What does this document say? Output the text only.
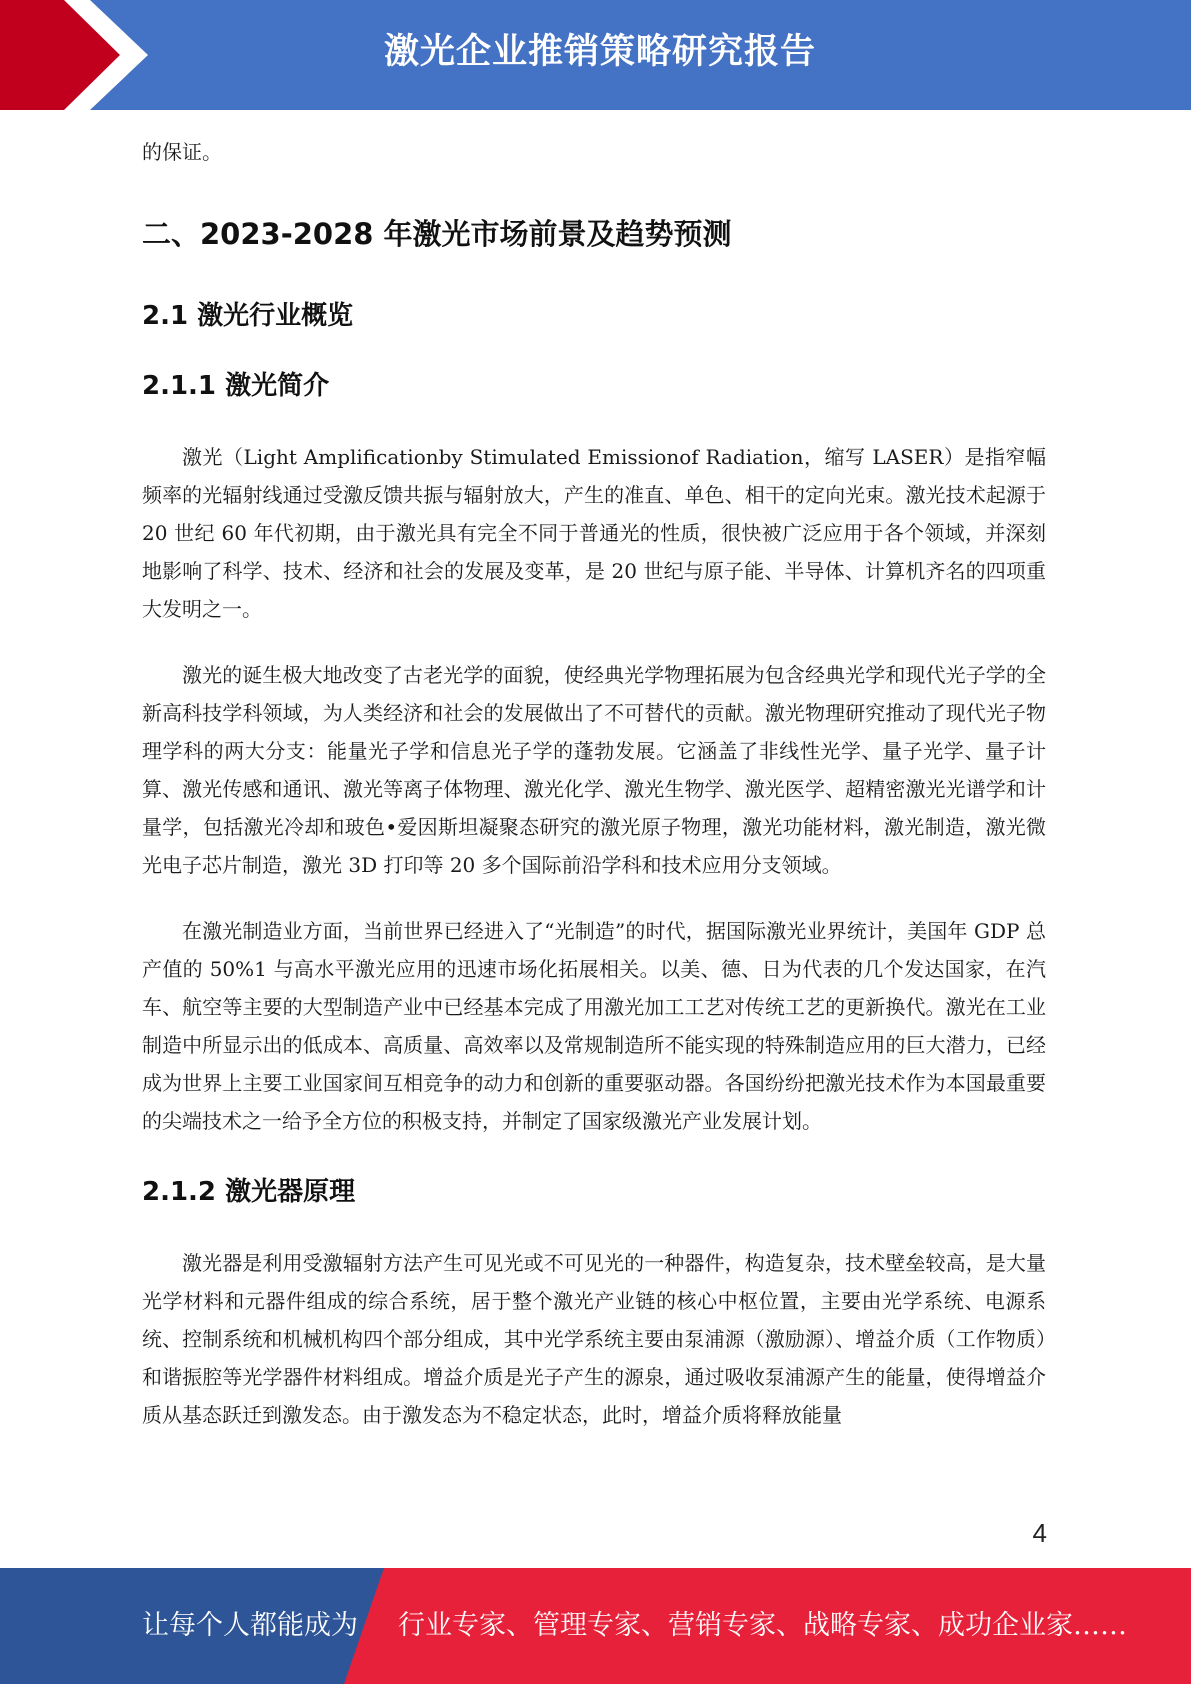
激光企业推销策略研究报告

的保证。

二、2023-2028 年激光市场前景及趋势预测
2.1 激光行业概览
2.1.1 激光简介

激光（Light Amplificationby Stimulated Emissionof Radiation，缩写 LASER）是指窄幅频率的光辐射线通过受激反馈共振与辐射放大，产生的准直、单色、相干的定向光束。激光技术起源于 20 世纪 60 年代初期，由于激光具有完全不同于普通光的性质，很快被广泛应用于各个领域，并深刻地影响了科学、技术、经济和社会的发展及变革，是 20 世纪与原子能、半导体、计算机齐名的四项重大发明之一。

激光的诞生极大地改变了古老光学的面貌，使经典光学物理拓展为包含经典光学和现代光子学的全新高科技学科领域，为人类经济和社会的发展做出了不可替代的贡献。激光物理研究推动了现代光子物理学科的两大分支：能量光子学和信息光子学的蓬勃发展。它涵盖了非线性光学、量子光学、量子计算、激光传感和通讯、激光等离子体物理、激光化学、激光生物学、激光医学、超精密激光光谱学和计量学，包括激光冷却和玻色•爱因斯坦凝聚态研究的激光原子物理，激光功能材料，激光制造，激光微光电子芯片制造，激光 3D 打印等 20 多个国际前沿学科和技术应用分支领域。

在激光制造业方面，当前世界已经进入了“光制造”的时代，据国际激光业界统计，美国年 GDP 总产值的 50%1 与高水平激光应用的迅速市场化拓展相关。以美、德、日为代表的几个发达国家，在汽车、航空等主要的大型制造产业中已经基本完成了用激光加工工艺对传统工艺的更新换代。激光在工业制造中所显示出的低成本、高质量、高效率以及常规制造所不能实现的特殊制造应用的巨大潜力，已经成为世界上主要工业国家间互相竞争的动力和创新的重要驱动器。各国纷纷把激光技术作为本国最重要的尖端技术之一给予全方位的积极支持，并制定了国家级激光产业发展计划。

2.1.2 激光器原理

激光器是利用受激辐射方法产生可见光或不可见光的一种器件，构造复杂，技术壁垒较高，是大量光学材料和元器件组成的综合系统，居于整个激光产业链的核心中枢位置，主要由光学系统、电源系统、控制系统和机械机构四个部分组成，其中光学系统主要由泵浦源（激励源）、增益介质（工作物质）和谐振腔等光学器件材料组成。增益介质是光子产生的源泉，通过吸收泵浦源产生的能量，使得增益介质从基态跃迁到激发态。由于激发态为不稳定状态，此时，增益介质将释放能量

4
让每个人都能成为 行业专家、管理专家、营销专家、战略专家、成功企业家……
